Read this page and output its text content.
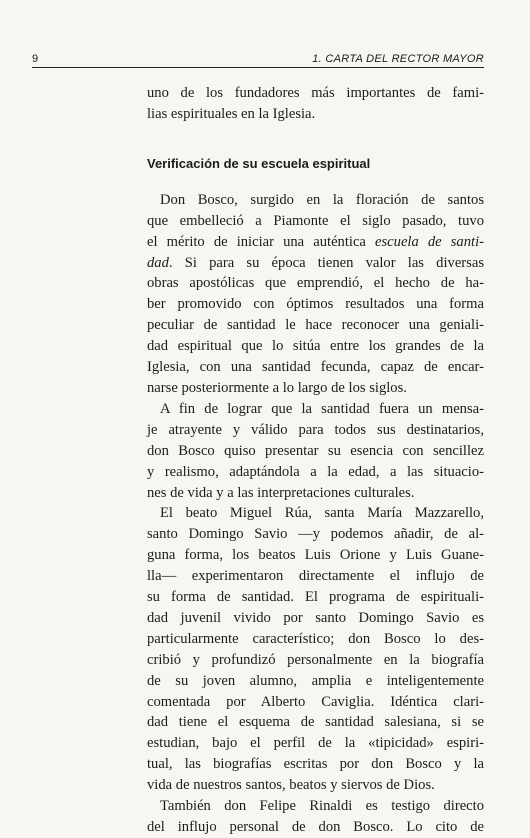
9	1. CARTA DEL RECTOR MAYOR
uno de los fundadores más importantes de fami-
lias espirituales en la Iglesia.
Verificación de su escuela espiritual
Don Bosco, surgido en la floración de santos
que embelleció a Piamonte el siglo pasado, tuvo
el mérito de iniciar una auténtica escuela de santi-
dad. Si para su época tienen valor las diversas
obras apostólicas que emprendió, el hecho de ha-
ber promovido con óptimos resultados una forma
peculiar de santidad le hace reconocer una geniali-
dad espiritual que lo sitúa entre los grandes de la
Iglesia, con una santidad fecunda, capaz de encar-
narse posteriormente a lo largo de los siglos.
A fin de lograr que la santidad fuera un mensa-
je atrayente y válido para todos sus destinatarios,
don Bosco quiso presentar su esencia con sencillez
y realismo, adaptándola a la edad, a las situacio-
nes de vida y a las interpretaciones culturales.
El beato Miguel Rúa, santa María Mazzarello,
santo Domingo Savio —y podemos añadir, de al-
guna forma, los beatos Luis Orione y Luis Guane-
lla— experimentaron directamente el influjo de
su forma de santidad. El programa de espirituali-
dad juvenil vivido por santo Domingo Savio es
particularmente característico; don Bosco lo des-
cribió y profundizó personalmente en la biografía
de su joven alumno, amplia e inteligentemente
comentada por Alberto Caviglia. Idéntica clari-
dad tiene el esquema de santidad salesiana, si se
estudian, bajo el perfil de la «tipicidad» espiri-
tual, las biografías escritas por don Bosco y la
vida de nuestros santos, beatos y siervos de Dios.
También don Felipe Rinaldi es testigo directo
del influjo personal de don Bosco. Lo cito de
